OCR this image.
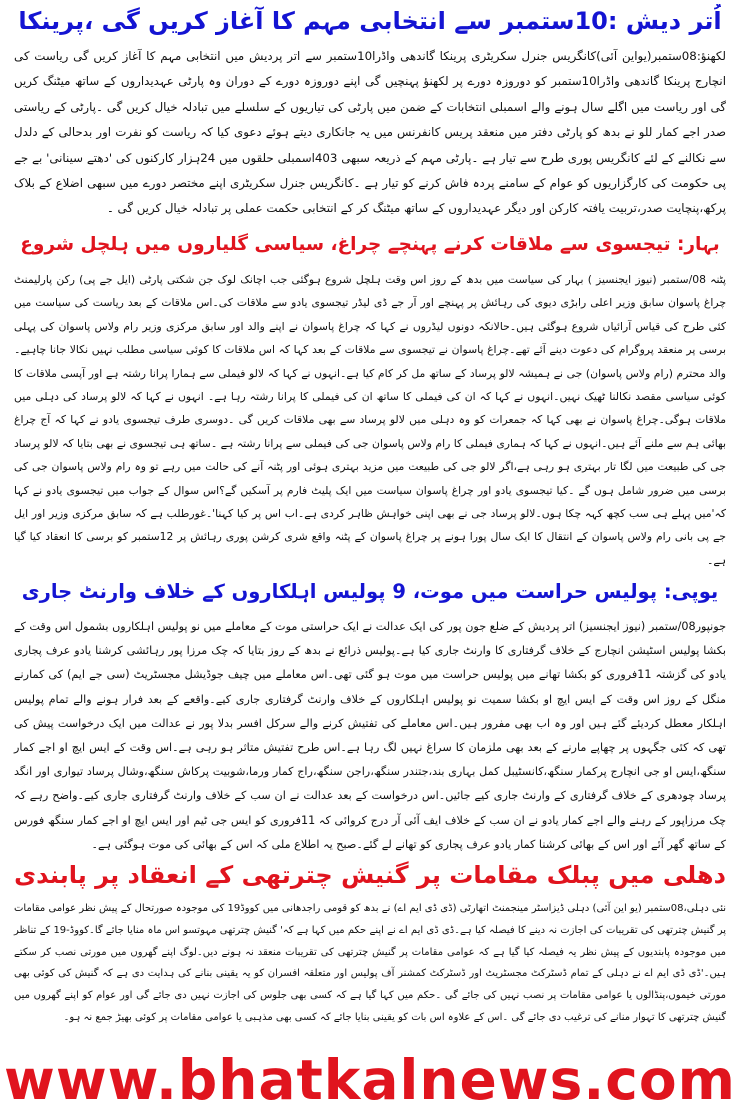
اُتر دیش :10ستمبر سے انتخابی مہم کا آغاز کریں گی ،پرینکا

لکھنؤ:08ستمبر(یواین آئی)کانگریس جنرل سکریٹری پرینکا گاندھی واڈرا10ستمبر سے اتر پردیش میں انتخابی مہم کا آغاز کریں گی ریاست کی انچارج پرینکا گاندھی واڈرا10ستمبر کو دوروزہ دورے پر لکھنؤ پہنچیں گی اپنے دوروزہ دورے کے دوران وہ پارٹی عہدیداروں کے ساتھ میٹنگ کریں گی اور ریاست میں اگلے سال ہونے والے اسمبلی انتخابات کے ضمن میں پارٹی کی تیاریوں کے سلسلے میں تبادلہ خیال کریں گی ۔پارٹی کے ریاستی صدر اجے کمار للو نے بدھ کو پارٹی دفتر میں منعقد پریس کانفرنس میں یہ جانکاری دیتے ہوئے دعوی کیا کہ ریاست کو نفرت اور بدحالی کے دلدل سے نکالنے کے لئے کانگریس پوری طرح سے تیار ہے ۔پارٹی مہم کے ذریعہ سبھی 403اسمبلی حلقوں میں 24ہزار کارکنوں کی 'دھتے سینانی' بے جے پی حکومت کی کارگزاریوں کو عوام کے سامنے پردہ فاش کرنے کو تیار ہے ۔کانگریس جنرل سکریٹری اپنے مختصر دورے میں سبھی اضلاع کے بلاک پرکھ،پنچایت صدر،تربیت یافتہ کارکن اور دیگر عہدیداروں کے ساتھ میٹنگ کر کے انتخابی حکمت عملی پر تبادلہ خیال کریں گی ۔

بہار: تیجسوی سے ملاقات کرنے پہنچے چراغ، سیاسی گلیاروں میں ہلچل شروع

پٹنہ 08/ستمبر (نیوز ایجنسیز ) بہار کی سیاست میں بدھ کے روز اس وقت ہلچل شروع ہوگئی جب اچانک لوک جن شکتی پارٹی (ایل جے پی) رکن پارلیمنٹ چراغ پاسوان سابق وزیر اعلی رابڑی دیوی کی رہائش پر پہنچے اور آر جے ڈی لیڈر تیجسوی یادو سے ملاقات کی۔اس ملاقات کے بعد ریاست کی سیاست میں کئی طرح کی قیاس آرائیاں شروع ہوگئی ہیں۔حالانکہ دونوں لیڈروں نے کہا کہ چراغ پاسوان نے اپنے والد اور سابق مرکزی وزیر رام ولاس پاسوان کی پہلی برسی پر منعقد پروگرام کی دعوت دینے آئے تھے۔چراغ پاسوان نے تیجسوی سے ملاقات کے بعد کہا کہ اس ملاقات کا کوئی سیاسی مطلب نہیں نکالا جانا چاہیے۔والد محترم (رام ولاس پاسوان) جی نے ہمیشہ لالو پرساد کے ساتھ مل کر کام کیا ہے۔انہوں نے کہا کہ لالو فیملی سے ہمارا پرانا رشتہ ہے اور آپسی ملاقات کا کوئی سیاسی مقصد نکالنا ٹھیک نہیں۔انہوں نے کہا کہ ان کی فیملی کا ساتھ ان کی فیملی کا پرانا رشتہ رہا ہے۔ انہوں نے کہا کہ لالو پرساد کی دہلی میں ملاقات ہوگی۔چراغ پاسوان نے بھی کہا کہ جمعرات کو وہ دہلی میں لالو پرساد سے بھی ملاقات کریں گی ۔دوسری طرف تیجسوی یادو نے کہا کہ آج چراغ بھائی ہم سے ملنے آئے ہیں۔انہوں نے کہا کہ ہماری فیملی کا رام ولاس پاسوان جی کی فیملی سے پرانا رشتہ ہے ۔ساتھ ہی تیجسوی نے بھی بتایا کہ لالو پرساد جی کی طبیعت میں لگا تار بہتری ہو رہی ہے،اگر لالو جی کی طبیعت میں مزید بہتری ہوئی اور پٹنہ آنے کی حالت میں رہے تو وہ رام ولاس پاسوان جی کی برسی میں ضرور شامل ہوں گے ۔کیا تیجسوی یادو اور چراغ پاسوان سیاست میں ایک پلیٹ فارم پر آسکیں گے؟اس سوال کے جواب میں تیجسوی یادو نے کہا کہ'میں پہلے ہی سب کچھ کہہ چکا ہوں۔لالو پرساد جی نے بھی اپنی خواہش ظاہر کردی ہے۔اب اس پر کیا کہنا'۔غورطلب ہے کہ سابق مرکزی وزیر اور ایل جے پی بانی رام ولاس پاسوان کے انتقال کا ایک سال پورا ہونے پر چراغ پاسوان کے پٹنہ واقع شری کرشن پوری رہائش پر 12ستمبر کو برسی کا انعقاد کیا گیا ہے۔

یوپی: پولیس حراست میں موت، 9 پولیس اہلکاروں کے خلاف وارنٹ جاری

جونپور08/ستمبر (نیوز ایجنسیز) اتر پردیش کے ضلع جون پور کی ایک عدالت نے ایک حراستی موت کے معاملے میں نو پولیس اہلکاروں بشمول اس وقت کے بکشا پولیس اسٹیشن انچارج کے خلاف گرفتاری کا وارنٹ جاری کیا ہے۔پولیس ذرائع نے بدھ کے روز بتایا کہ چک مرزا پور رہائشی کرشنا یادو عرف پجاری یادو کی گزشتہ 11فروری کو بکشا تھانے میں پولیس حراست میں موت ہو گئی تھی۔اس معاملے میں چیف جوڈیشل مجسٹریٹ (سی جے ایم) کی کمارنے منگل کے روز اس وقت کے ایس ایچ او بکشا سمیت نو پولیس اہلکاروں کے خلاف وارنٹ گرفتاری جاری کیے۔واقعے کے بعد فرار ہونے والے تمام پولیس اہلکار معطل کردیئے گئے ہیں اور وہ اب بھی مفرور ہیں۔اس معاملے کی تفتیش کرنے والے سرکل افسر بدلا پور نے عدالت میں ایک درخواست پیش کی تھی کہ کئی جگہوں پر چھاپے مارنے کے بعد بھی ملزمان کا سراغ نہیں لگ رہا ہے۔اس طرح تفتیش متاثر ہو رہی ہے۔اس وقت کے ایس ایچ او اجے کمار سنگھ،ایس او جی انچارج پرکمار سنگھ،کانسٹیبل کمل بہاری بند،جتندر سنگھ،راجن سنگھ،راج کمار ورما،شوبیت پرکاش سنگھ،وشال پرساد تیواری اور انگد پرساد چودھری کے خلاف گرفتاری کے وارنٹ جاری کیے جائیں۔اس درخواست کے بعد عدالت نے ان سب کے خلاف وارنٹ گرفتاری جاری کیے۔واضح رہے کہ چک مرزاپور کے رہنے والے اجے کمار یادو نے ان سب کے خلاف ایف آئی آر درج کروائی کہ 11فروری کو ایس جی ٹیم اور ایس ایچ او اجے کمار سنگھ فورس کے ساتھ گھر آئے اور اس کے بھائی کرشنا کمار یادو عرف پجاری کو تھانے لے گئے۔صبح یہ اطلاع ملی کہ اس کے بھائی کی موت ہوگئی ہے۔

دھلی میں پبلک مقامات پر گنیش چترتھی کے انعقاد پر پابندی

نئی دہلی،08ستمبر (یو این آئی) دہلی ڈیزاسٹر مینجمنٹ اتھارٹی (ڈی ڈی ایم اے) نے بدھ کو قومی راجدھانی میں کووڈ19 کی موجودہ صورتحال کے پیش نظر عوامی مقامات پر گنیش چترتھی کی تقریبات کی اجازت نہ دینے کا فیصلہ کیا ہے۔ڈی ڈی ایم اے نے اپنے حکم میں کہا ہے کہ' گنیش چترتھی مہوتسو اس ماہ منایا جائے گا۔کووڈ-19 کے تناظر میں موجودہ پابندیوں کے پیش نظر یہ فیصلہ کیا گیا ہے کہ عوامی مقامات پر گنیش چترتھی کی تقریبات منعقد نہ ہونے دیں۔لوگ اپنے گھروں میں مورتی نصب کر سکتے ہیں۔'ڈی ڈی ایم اے نے دہلی کے تمام ڈسٹرکٹ مجسٹریٹ اور ڈسٹرکٹ کمشنر آف پولیس اور متعلقہ افسران کو یہ یقینی بنانے کی ہدایت دی ہے کہ گنیش کی کوئی بھی مورتی خیموں،پنڈالوں یا عوامی مقامات پر نصب نہیں کی جائے گی ۔حکم میں کہا گیا ہے کہ کسی بھی جلوس کی اجازت نہیں دی جائے گی اور عوام کو اپنے گھروں میں گنیش چترتھی کا تہوار منانے کی ترغیب دی جائے گی ۔اس کے علاوہ اس بات کو یقینی بنایا جائے کہ کسی بھی مذہبی یا عوامی مقامات پر کوئی بھیڑ جمع نہ ہو۔

www.bhatkalnews.com
